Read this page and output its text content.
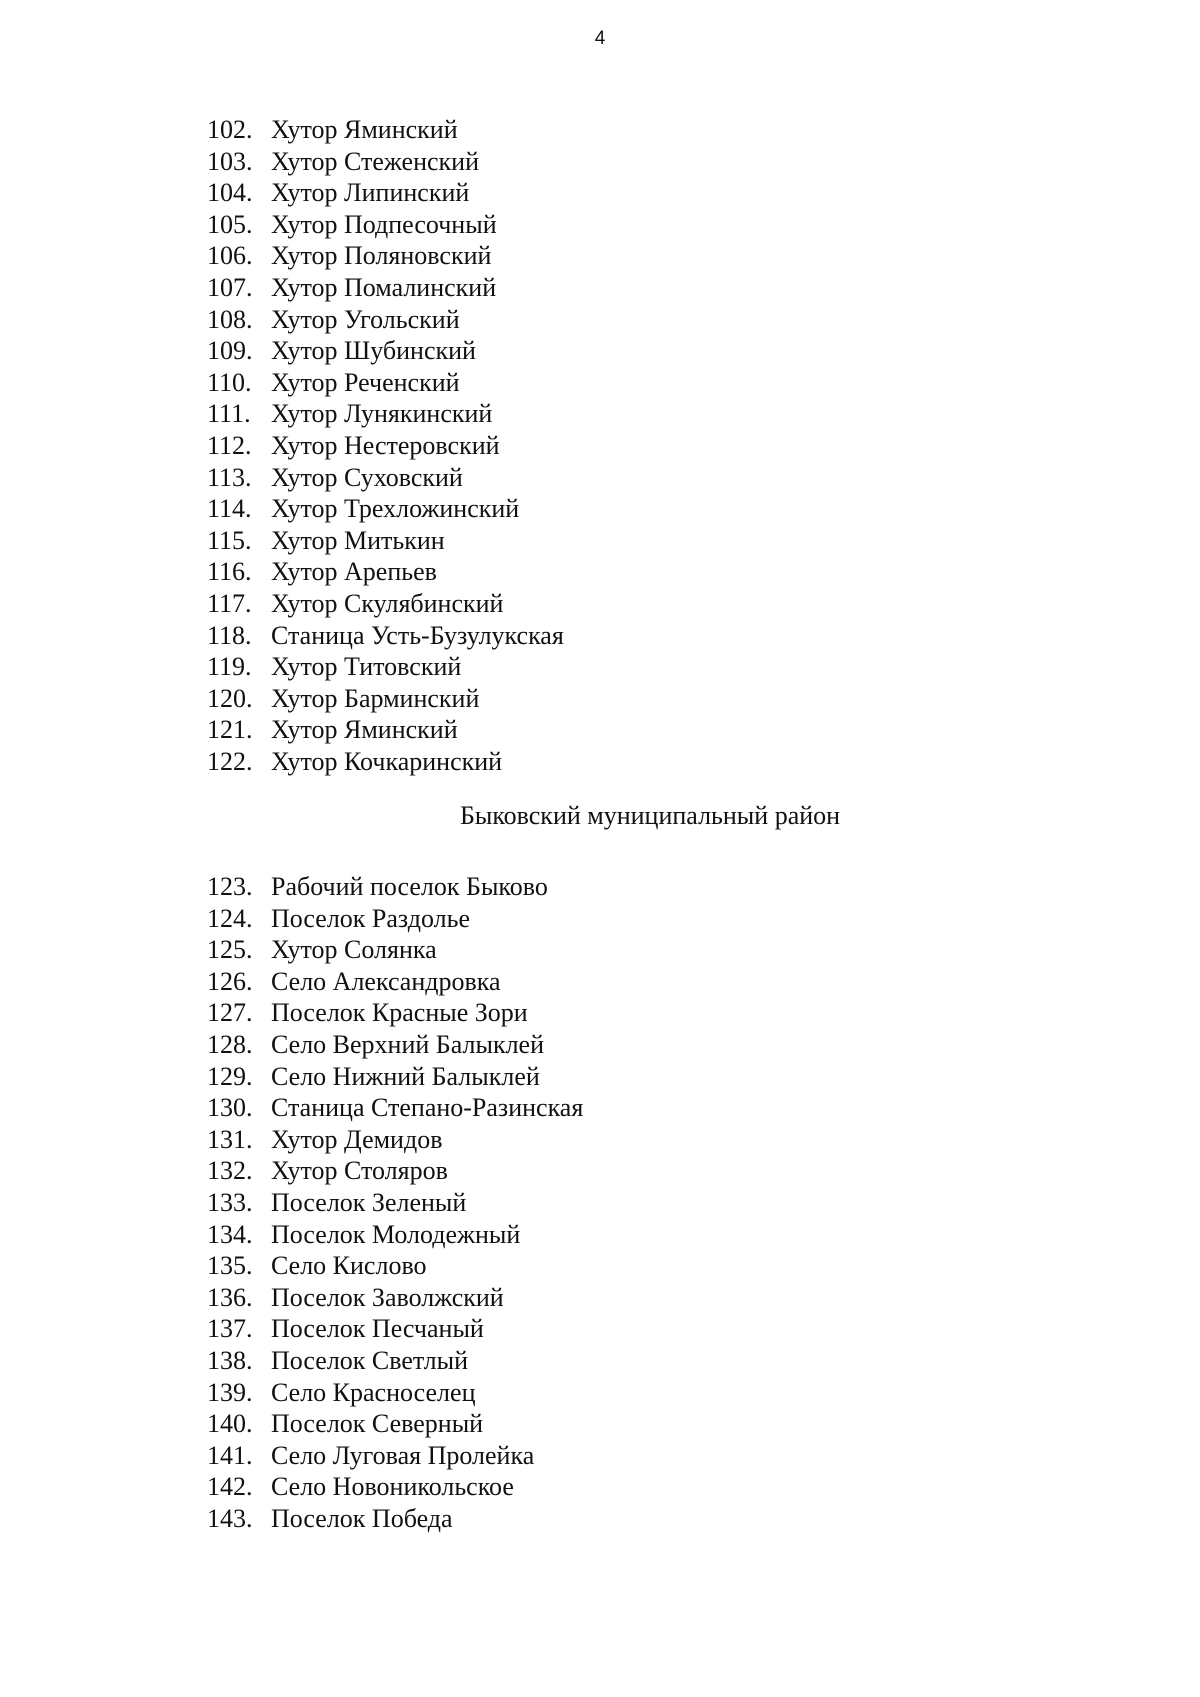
4
102. Хутор Яминский
103. Хутор Стеженский
104. Хутор Липинский
105. Хутор Подпесочный
106. Хутор Поляновский
107. Хутор Помалинский
108. Хутор Угольский
109. Хутор Шубинский
110. Хутор Реченский
111. Хутор Лунякинский
112. Хутор Нестеровский
113. Хутор Суховский
114. Хутор Трехложинский
115. Хутор Митькин
116. Хутор Арепьев
117. Хутор Скулябинский
118. Станица Усть-Бузулукская
119. Хутор Титовский
120. Хутор Барминский
121. Хутор Яминский
122. Хутор Кочкаринский
Быковский муниципальный район
123. Рабочий поселок Быково
124. Поселок Раздолье
125. Хутор Солянка
126. Село Александровка
127. Поселок Красные Зори
128. Село Верхний Балыклей
129. Село Нижний Балыклей
130. Станица Степано-Разинская
131. Хутор Демидов
132. Хутор Столяров
133. Поселок Зеленый
134. Поселок Молодежный
135. Село Кислово
136. Поселок Заволжский
137. Поселок Песчаный
138. Поселок Светлый
139. Село Красноселец
140. Поселок Северный
141. Село Луговая Пролейка
142. Село Новоникольское
143. Поселок Победа
